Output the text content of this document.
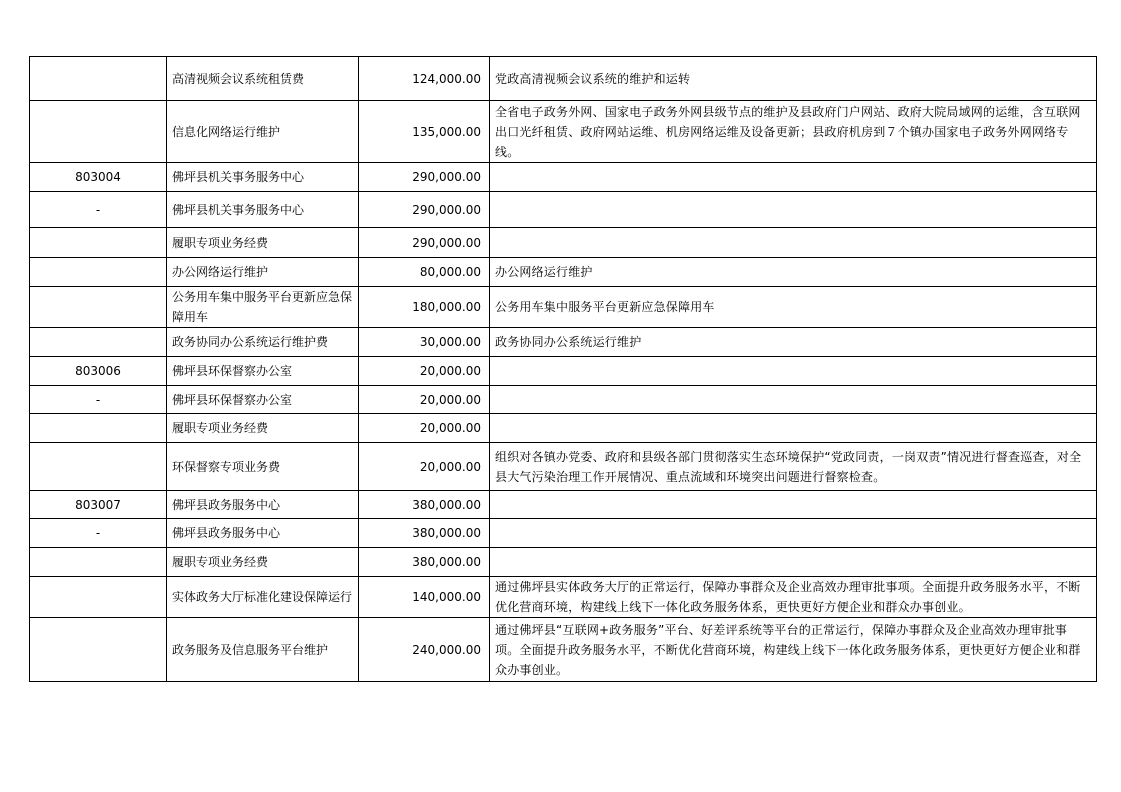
	高清视频会议系统租赁费	124,000.00	党政高清视频会议系统的维护和运转
	信息化网络运行维护	135,000.00	全省电子政务外网、国家电子政务外网县级节点的维护及县政府门户网站、政府大院局域网的运维，含互联网出口光纤租赁、政府网站运维、机房网络运维及设备更新；县政府机房到７个镇办国家电子政务外网网络专线。
803004	佛坪县机关事务服务中心	290,000.00	
-	佛坪县机关事务服务中心	290,000.00	
	履职专项业务经费	290,000.00	
	办公网络运行维护	80,000.00	办公网络运行维护
	公务用车集中服务平台更新应急保障用车	180,000.00	公务用车集中服务平台更新应急保障用车
	政务协同办公系统运行维护费	30,000.00	政务协同办公系统运行维护
803006	佛坪县环保督察办公室	20,000.00	
-	佛坪县环保督察办公室	20,000.00	
	履职专项业务经费	20,000.00	
	环保督察专项业务费	20,000.00	组织对各镇办党委、政府和县级各部门贯彻落实生态环境保护“党政同责，一岗双责”情况进行督查巡查，对全县大气污染治理工作开展情况、重点流域和环境突出问题进行督察检查。
803007	佛坪县政务服务中心	380,000.00	
-	佛坪县政务服务中心	380,000.00	
	履职专项业务经费	380,000.00	
	实体政务大厅标准化建设保障运行	140,000.00	通过佛坪县实体政务大厅的正常运行，保障办事群众及企业高效办理审批事项。全面提升政务服务水平，不断优化营商环境，构建线上线下一体化政务服务体系，更快更好方便企业和群众办事创业。
	政务服务及信息服务平台维护	240,000.00	通过佛坪县“互联网+政务服务”平台、好差评系统等平台的正常运行，保障办事群众及企业高效办理审批事项。全面提升政务服务水平，不断优化营商环境，构建线上线下一体化政务服务体系，更快更好方便企业和群众办事创业。
